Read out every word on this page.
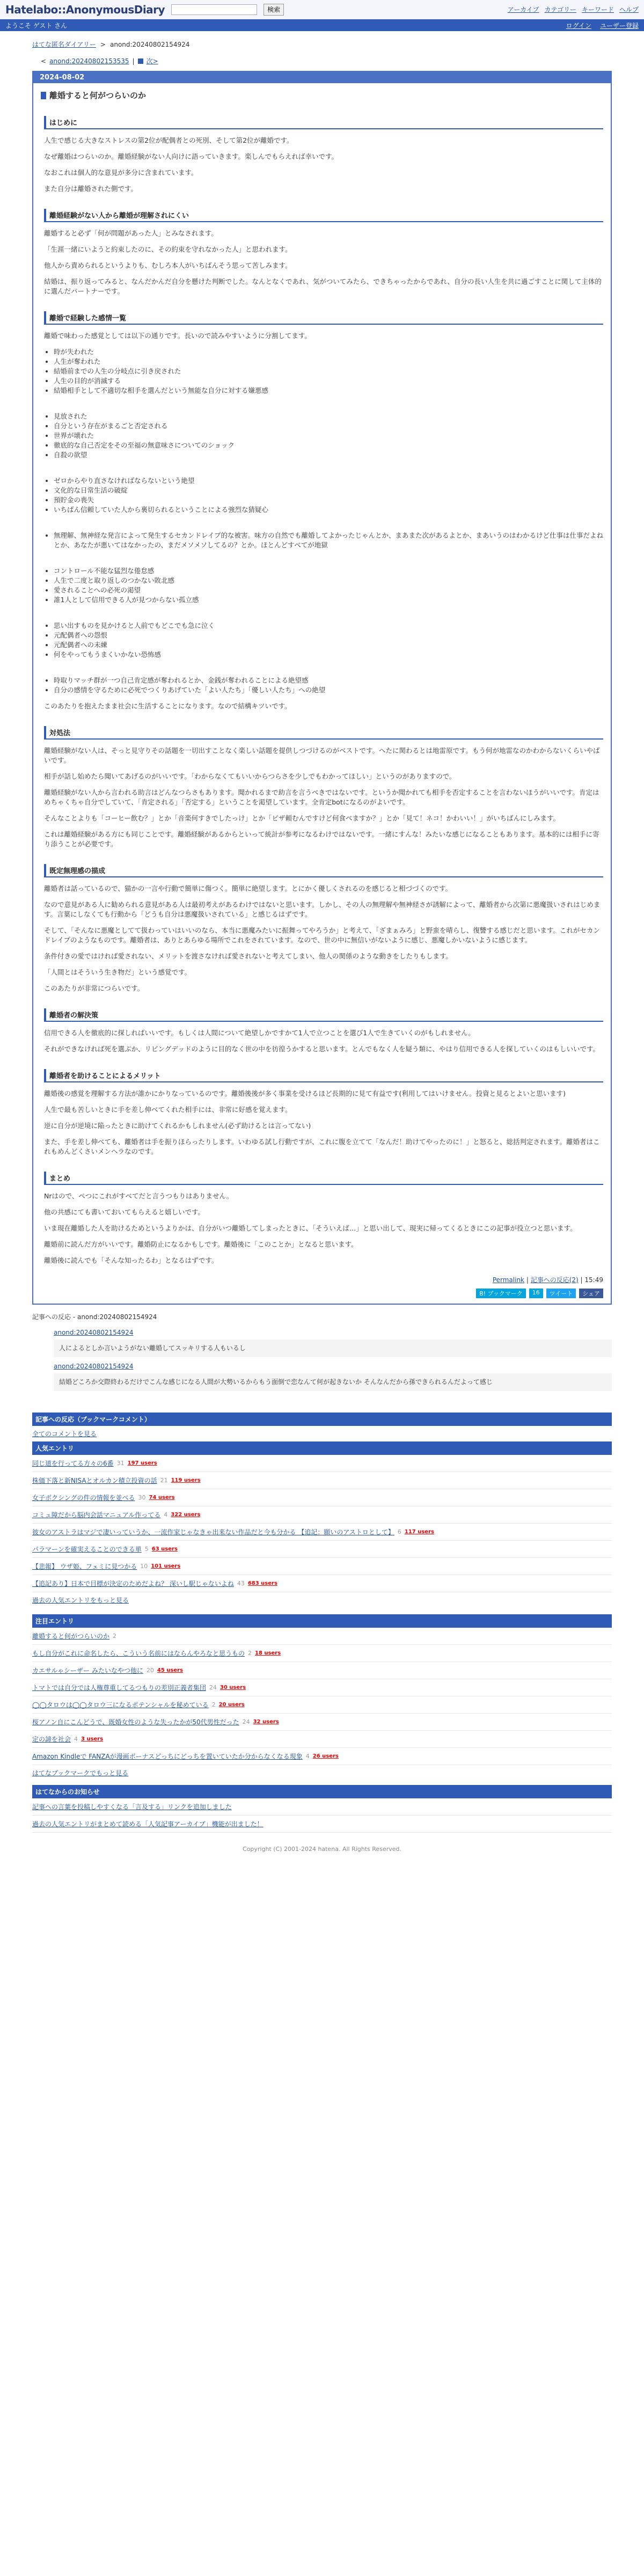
Hatelabo::AnonymousDiary	検索	アーカイブ カテゴリー キーワード ヘルプ
ようこそ ゲスト さん	ログイン ユーザー登録
はてな匿名ダイアリー > anond:20240802154924
< anond:20240802153535 | 次>
2024-08-02
離婚すると何がつらいのか
はじめに

人生で感じる大きなストレスの第2位が配偶者との死別、そして第2位が離婚です。

なぜ離婚はつらいのか。離婚経験がない人向けに語っていきます。楽しんでもらえれば幸いです。

なおこれは個人的な意見が多分に含まれています。

また自分は離婚された側です。

離婚経験がない人から離婚が理解されにくい

離婚すると必ず「何が問題があった人」とみなされます。

「生涯一緒にいようと約束したのに、その約束を守れなかった人」と思われます。

他人から責められるというよりも、むしろ本人がいちばんそう思って苦しみます。

結婚は、振り返ってみると、なんだかんだ自分を懸けた判断でした。なんとなくであれ、気がついてみたら、できちゃったからであれ、自分の長い人生を共に過ごすことに関して主体的に選んだパートナーです。

離婚で経験した感情一覧

離婚で味わった感覚としては以下の通りです。長いので読みやすいように分割してます。

• 時が失われた
• 人生が奪われた
• 結婚前までの人生の分岐点に引き戻された
• 人生の目的が消滅する
• 結婚相手として不適切な相手を選んだという無能な自分に対する嫌悪感
• 見放された
• 自分という存在がまるごと否定される
• 世界が壊れた
• 徹底的な自己否定をその至福の無意味さについてのショック
• 自殺の欲望
• ゼロからやり直さなければならないという絶望
• 文化的な日常生活の破綻
• 預貯金の喪失
• いちばん信頼していた人から裏切られるということによる強烈な猜疑心
• 無理解、無神経な発言によって発生するセカンドレイプ的な被害。味方の自然でも離婚してよかったじゃんとか、まあまた次があるよとか、まあいうのはわかるけど仕事は仕事だよねとか、あなたが悪いてはなかったの、まだメソメソしてるの？とか。ほとんどすべてが地獄
• コントロール不能な猛烈な倦怠感
• 人生で二度と取り返しのつかない敗北感
• 愛されることへの必死の渇望
• 誰1人として信用できる人が見つからない孤立感
• 思い出すものを見かけると人前でもどこでも急に泣く
• 元配偶者への怨恨
• 元配偶者への未練
• 何をやってもうまくいかない恐怖感
• 時取りマッチ群が一つ自己肯定感が奪われるとか、金銭が奪われることによる絶望感
• 自分の感情を守るために必死でつくりあげていた「よい人たち」「優しい人たち」への絶望

このあたりを抱えたまま社会に生活することになります。なので結構キツいです。

対処法

離婚経験がない人は、そっと見守りその話題を一切出すことなく楽しい話題を提供しつづけるのがベストです。へたに関わるとは地雷原です。もう何が地雷なのかわからないくらいやばいです。

相手が話し始めたら聞いてあげるのがいいです。「わからなくてもいいからつらさを少しでもわかってほしい」というのがありますので。

離婚経験がない人から言われる助言はどんなつらさもあります。聞かれるまで助言を言うべきではないです。というか聞かれても相手を否定することを言わないほうがいいです。肯定はめちゃくちゃ自分でしていて、「肯定される」「否定する」ということを渇望しています。全肯定botになるのがよいです。

そんなことよりも「コーヒー飲む？」とか「音楽何すきでしたっけ」とか「ピザ頼むんですけど何食べますか？」とか「見て！ネコ！かわいい！」がいちばんにしみます。

これは離婚経験がある方にも同じことです。離婚経験があるからといって統計が参考になるわけではないです。一緒にすんな！みたいな感じになることもあります。基本的には相手に寄り添うことが必要です。

既定無理感の描成

離婚者は話っているので、猫かの一言や行動で簡単に傷つく。簡単に絶望します。とにかく優しくされるのを感じると相づづくのです。

なので意見がある人に勧められる意見がある人は最初考えがあるわけではないと思います。しかし、その人の無理解や無神経さが誘解によって、離婚者から次第に悪魔扱いされはじめます。言葉にしなくても行動から「どうも自分は悪魔扱いされている」と感じるはずです。

そして、「そんなに悪魔としてて扱わっていはいいのなら、本当に悪魔みたいに振舞ってやろうか」と考えて、「ざまぁみろ」と野蛮を晴らし、復讐する感じだと思います。これがセカンドレイプのようなものです。離婚者は、ありとあらゆる場所でこれをされています。なので、世の中に無信いがないように感じ、悪魔しかいないように感じます。

条件付きの愛ではければ愛されない、メリットを渡さなければ愛されないと考えてしまい、他人の関係のような動きをしたりもします。

「人間とはそういう生き物だ」という感覚です。

このあたりが非常につらいです。

離婚者の解決策

信用できる人を徹底的に探しればいいです。もしくは人間について絶望しかですかて1人で立つことを選び1人で生きていくのがもしれません。

それができなければ死を選ぶか、リビングデッドのように目的なく世の中を彷徨うかすると思います。とんでもなく人を疑う類に、やはり信用できる人を探していくのはもしいいです。

離婚者を助けることによるメリット

離婚後の感覚を理解する方法が誰かにかりなっているのです。離婚後後が多く事業を受けるほど長期的に見て有益です(利用してはいけません。投資と見るとよいと思います)

人生で最も苦しいときに手を差し伸べてくれた相手には、非常に好感を覚えます。

逆に自分が逆境に陥ったときに助けてくれるかもしれません(必ず助けるとは言ってない)

また、手を差し伸べても、離婚者は手を振りほらったりします。いわゆる試し行動ですが、これに腹を立てて「なんだ！助けてやったのに！」と怒ると、総括判定されます。離婚者はこれもめんどくさいメンヘラなのです。

まとめ

Nrはので、ぺつにこれがすべてだと言うつもりはありません。

他の共感にても書いておいてもらえると嬉しいです。

いま現在離婚した人を助けるためというよりかは、自分がいつ離婚してしまったときに、「そういえば…」と思い出して、現実に帰ってくるときにこの記事が役立つと思います。

離婚前に読んだ方がいいです。離婚防止になるかもしです。離婚後に「このことか」となると思います。

離婚後に読んでも「そんな知ったるわ」となるはずです。

Permalink | 記事への反応(2) | 15:49
B! ブックマーク	16	ツイート	シェア
記事への反応 - anond:20240802154924
anond:20240802154924
人によるとしか言いようがない離婚してスッキリする人もいるし
anond:20240802154924
結婚どころか交際終わるだけでこんな感じになる人間が大勢いるからもう面倒で恋なんて何が起きないか そんなんだから孫できられるんだよって感じ
記事への反応（ブックマークコメント）
全てのコメントを見る
人気エントリ
同じ道を行ってる方々の6番 31 197 users
株価下落と新NISAとオルカン積立投資の話 21 119 users
女子ボクシングの件の情報を並べる 30 74 users
コミュ障だから脳内会話マニュアル作ってる 4 322 users
彼女のアストラはマジで凄いっていうか、一流作家じゃなきゃ出来ない作品だと今も分かる 【追記：願いのアストロとして】 6 117 users
パラマーンを確実えることのできる単 5 63 users
【悲報】 ウザ姫、フェミに見つかる 10 101 users
【追記あり】日本で目標が決定のためだよね？ 深いし駅じゃないよね 43 683 users
過去の人気エントリをもっと見る
注目エントリ
離婚すると何がつらいのか 2
もし自分がこれに命名したら、こういう名前にはならんやろなと思うもの 2 18 users
カエサルゃシーザー みたいなやつ他に 20 45 users
トマトでは自分では人権尊重してるつもりの差別正義者集団 24 30 users
◯◯タロウは◯◯タロウ三になるポテンシャルを秘めている 2 20 users
桜アノン自にこんどうで、既婚女性のような失ったかが50代男性だった 24 32 users
定の諦を社会 4 3 users
Amazon Kindleで FANZAが漫画ボーナスどっちにどっちを置いていたか分からなくなる現象 4 26 users
はてなブックマークでもっと見る
はてなからのお知らせ
記事への言葉を投稿しやすくなる「言及する」リンクを追加しました
過去の人気エントリがまとめて読める「人気記事アーカイブ」機能が出ました！
Copyright (C) 2001-2024 hatena. All Rights Reserved.
